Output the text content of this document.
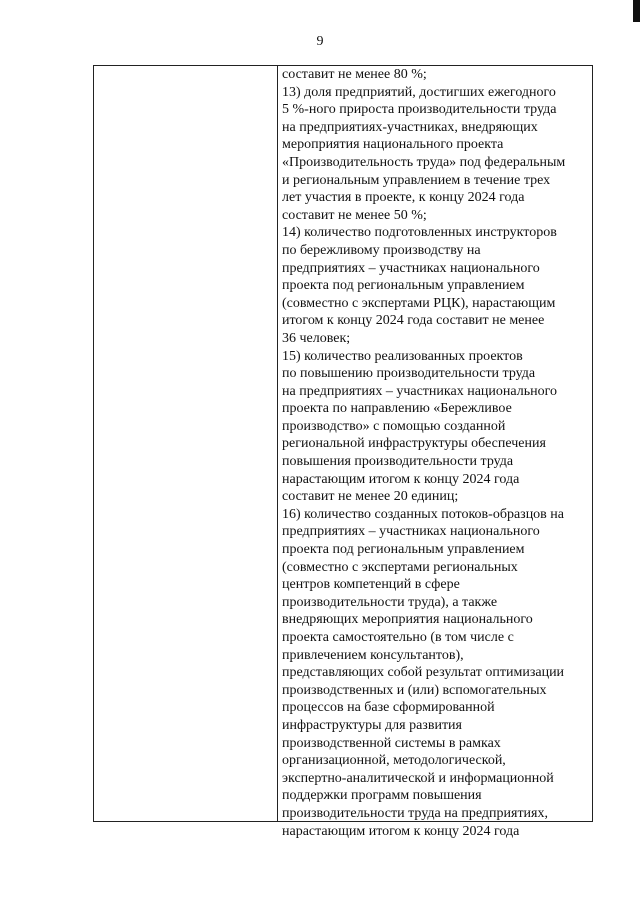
9
составит не менее 80 %;
13) доля предприятий, достигших ежегодного
5 %-ного прироста производительности труда
на предприятиях-участниках, внедряющих
мероприятия национального проекта
«Производительность труда» под федеральным
и региональным управлением в течение трех
лет участия в проекте, к концу 2024 года
составит не менее 50 %;
14) количество подготовленных инструкторов
по бережливому производству на
предприятиях – участниках национального
проекта под региональным управлением
(совместно с экспертами РЦК), нарастающим
итогом к концу 2024 года составит не менее
36 человек;
15) количество реализованных проектов
по повышению производительности труда
на предприятиях – участниках национального
проекта по направлению «Бережливое
производство» с помощью созданной
региональной инфраструктуры обеспечения
повышения производительности труда
нарастающим итогом к концу 2024 года
составит не менее 20 единиц;
16) количество созданных потоков-образцов на
предприятиях – участниках национального
проекта под региональным управлением
(совместно с экспертами региональных
центров компетенций в сфере
производительности труда), а также
внедряющих мероприятия национального
проекта самостоятельно (в том числе с
привлечением консультантов),
представляющих собой результат оптимизации
производственных и (или) вспомогательных
процессов на базе сформированной
инфраструктуры для развития
производственной системы в рамках
организационной, методологической,
экспертно-аналитической и информационной
поддержки программ повышения
производительности труда на предприятиях,
нарастающим итогом к концу 2024 года
